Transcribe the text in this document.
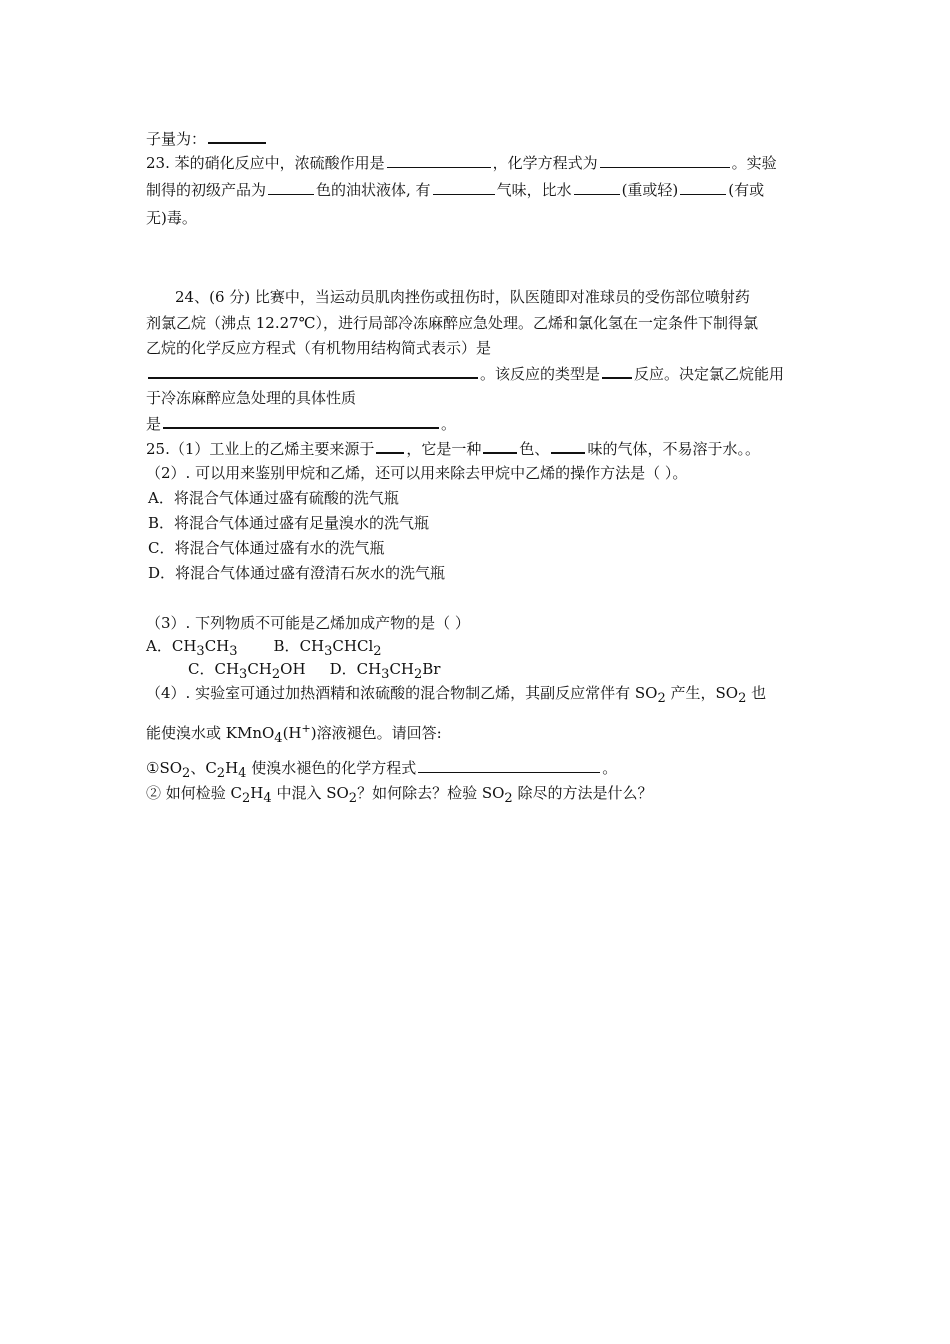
子量为：
23. 苯的硝化反应中，浓硫酸作用是	，化学方程式为	。实验
制得的初级产品为	色的油状液体, 有	气味，比水	(重或轻)	(有或
无)毒。
24、(6 分) 比赛中，当运动员肌肉挫伤或扭伤时，队医随即对准球员的受伤部位喷射药
剂氯乙烷（沸点 12.27℃），进行局部冷冻麻醉应急处理。乙烯和氯化氢在一定条件下制得氯
乙烷的化学反应方程式（有机物用结构简式表示）是
。该反应的类型是 反应。决定氯乙烷能用
于冷冻麻醉应急处理的具体性质
是	。
25.（1）工业上的乙烯主要来源于 ，它是一种	色、	味的气体，不易溶于水。。
（2）. 可以用来鉴别甲烷和乙烯，还可以用来除去甲烷中乙烯的操作方法是（ ）。
A．将混合气体通过盛有硫酸的洗气瓶
B．将混合气体通过盛有足量溴水的洗气瓶
C．将混合气体通过盛有水的洗气瓶
D．将混合气体通过盛有澄清石灰水的洗气瓶
（3）. 下列物质不可能是乙烯加成产物的是（ ）
A．$CH_3CH_3$ B．$CH_3CHCl_2$
C．$CH_3CH_2OH$ D．$CH_3CH_2Br$
（4）. 实验室可通过加热酒精和浓硫酸的混合物制乙烯，其副反应常伴有 $SO_2$ 产生，$SO_2$ 也
能使溴水或 KMnO$_4$(H+)溶液褪色。请回答:
$①SO_2$、$C_2H_4$ 使溴水褪色的化学方程式	。
② 如何检验 $C_2H_4$ 中混入 $SO_2$？如何除去？检验 $SO_2$ 除尽的方法是什么？
